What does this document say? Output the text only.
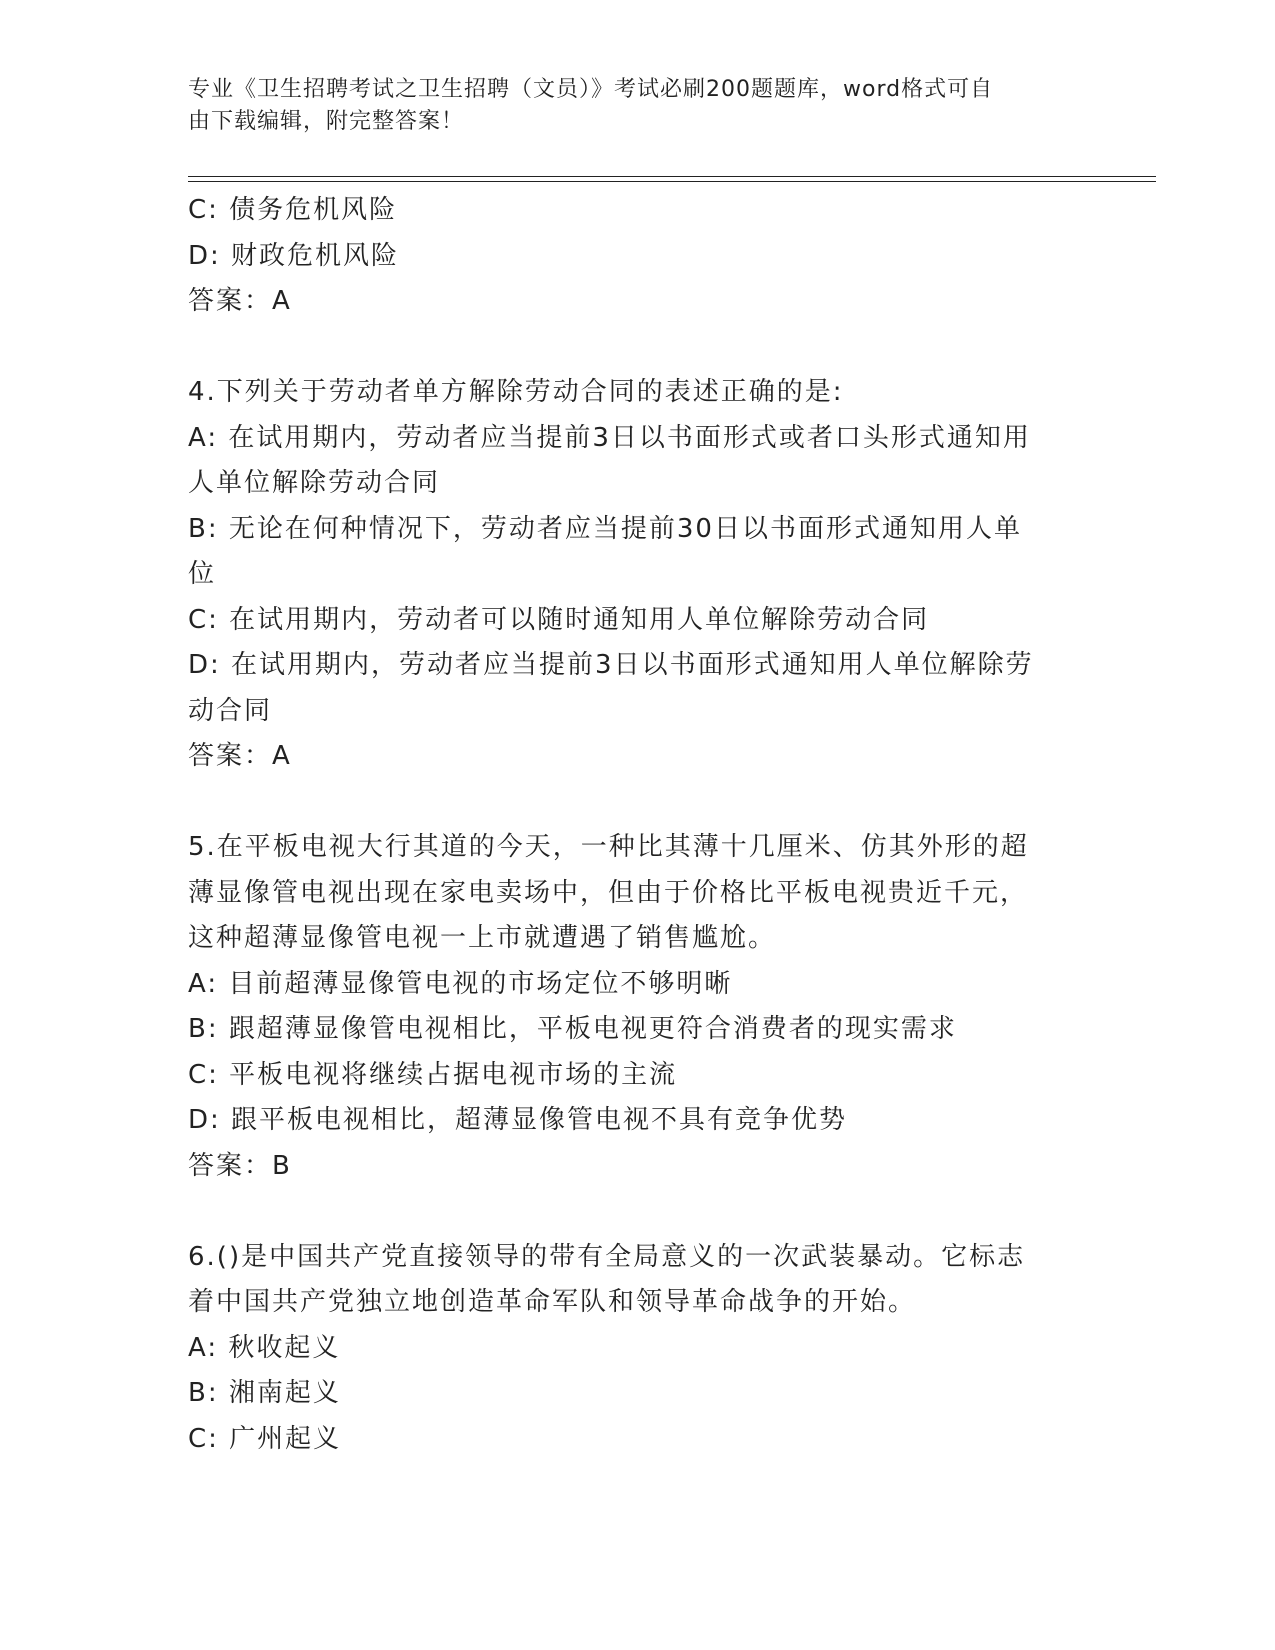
专业《卫生招聘考试之卫生招聘（文员）》考试必刷200题题库，word格式可自
由下载编辑，附完整答案！
C: 债务危机风险
D: 财政危机风险
答案：A
4.下列关于劳动者单方解除劳动合同的表述正确的是:
A: 在试用期内，劳动者应当提前3日以书面形式或者口头形式通知用
人单位解除劳动合同
B: 无论在何种情况下，劳动者应当提前30日以书面形式通知用人单
位
C: 在试用期内，劳动者可以随时通知用人单位解除劳动合同
D: 在试用期内，劳动者应当提前3日以书面形式通知用人单位解除劳
动合同
答案：A
5.在平板电视大行其道的今天，一种比其薄十几厘米、仿其外形的超
薄显像管电视出现在家电卖场中，但由于价格比平板电视贵近千元，
这种超薄显像管电视一上市就遭遇了销售尴尬。
A: 目前超薄显像管电视的市场定位不够明晰
B: 跟超薄显像管电视相比，平板电视更符合消费者的现实需求
C: 平板电视将继续占据电视市场的主流
D: 跟平板电视相比，超薄显像管电视不具有竞争优势
答案：B
6.()是中国共产党直接领导的带有全局意义的一次武装暴动。它标志
着中国共产党独立地创造革命军队和领导革命战争的开始。
A: 秋收起义
B: 湘南起义
C: 广州起义
